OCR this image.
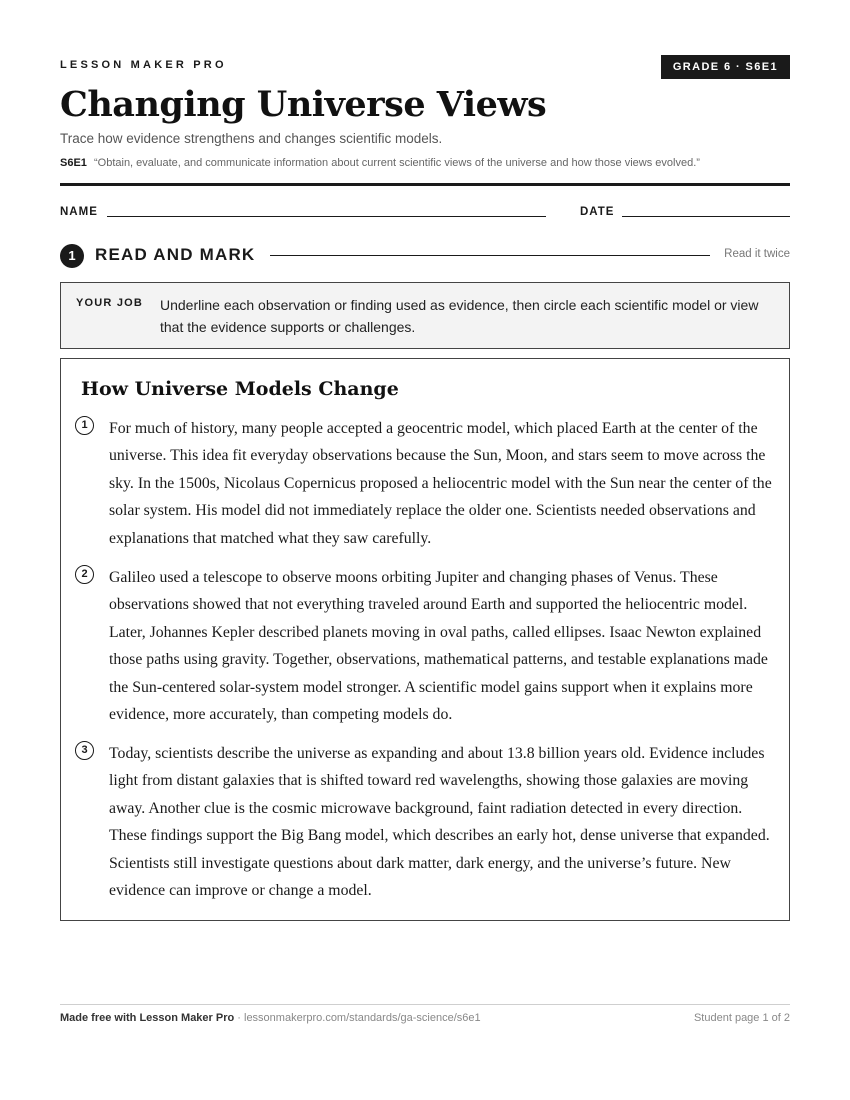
LESSON MAKER PRO	GRADE 6 · S6E1
Changing Universe Views
Trace how evidence strengthens and changes scientific models.
S6E1 “Obtain, evaluate, and communicate information about current scientific views of the universe and how those views evolved.”
NAME	DATE
1	READ AND MARK	Read it twice
YOUR JOB Underline each observation or finding used as evidence, then circle each scientific model or view that the evidence supports or challenges.
How Universe Models Change
1	For much of history, many people accepted a geocentric model, which placed Earth at the center of the universe. This idea fit everyday observations because the Sun, Moon, and stars seem to move across the sky. In the 1500s, Nicolaus Copernicus proposed a heliocentric model with the Sun near the center of the solar system. His model did not immediately replace the older one. Scientists needed observations and explanations that matched what they saw carefully.

2	Galileo used a telescope to observe moons orbiting Jupiter and changing phases of Venus. These observations showed that not everything traveled around Earth and supported the heliocentric model. Later, Johannes Kepler described planets moving in oval paths, called ellipses. Isaac Newton explained those paths using gravity. Together, observations, mathematical patterns, and testable explanations made the Sun-centered solar-system model stronger. A scientific model gains support when it explains more evidence, more accurately, than competing models do.

3	Today, scientists describe the universe as expanding and about 13.8 billion years old. Evidence includes light from distant galaxies that is shifted toward red wavelengths, showing those galaxies are moving away. Another clue is the cosmic microwave background, faint radiation detected in every direction. These findings support the Big Bang model, which describes an early hot, dense universe that expanded. Scientists still investigate questions about dark matter, dark energy, and the universe’s future. New evidence can improve or change a model.

Made free with Lesson Maker Pro · lessonmakerpro.com/standards/ga-science/s6e1	Student page 1 of 2
